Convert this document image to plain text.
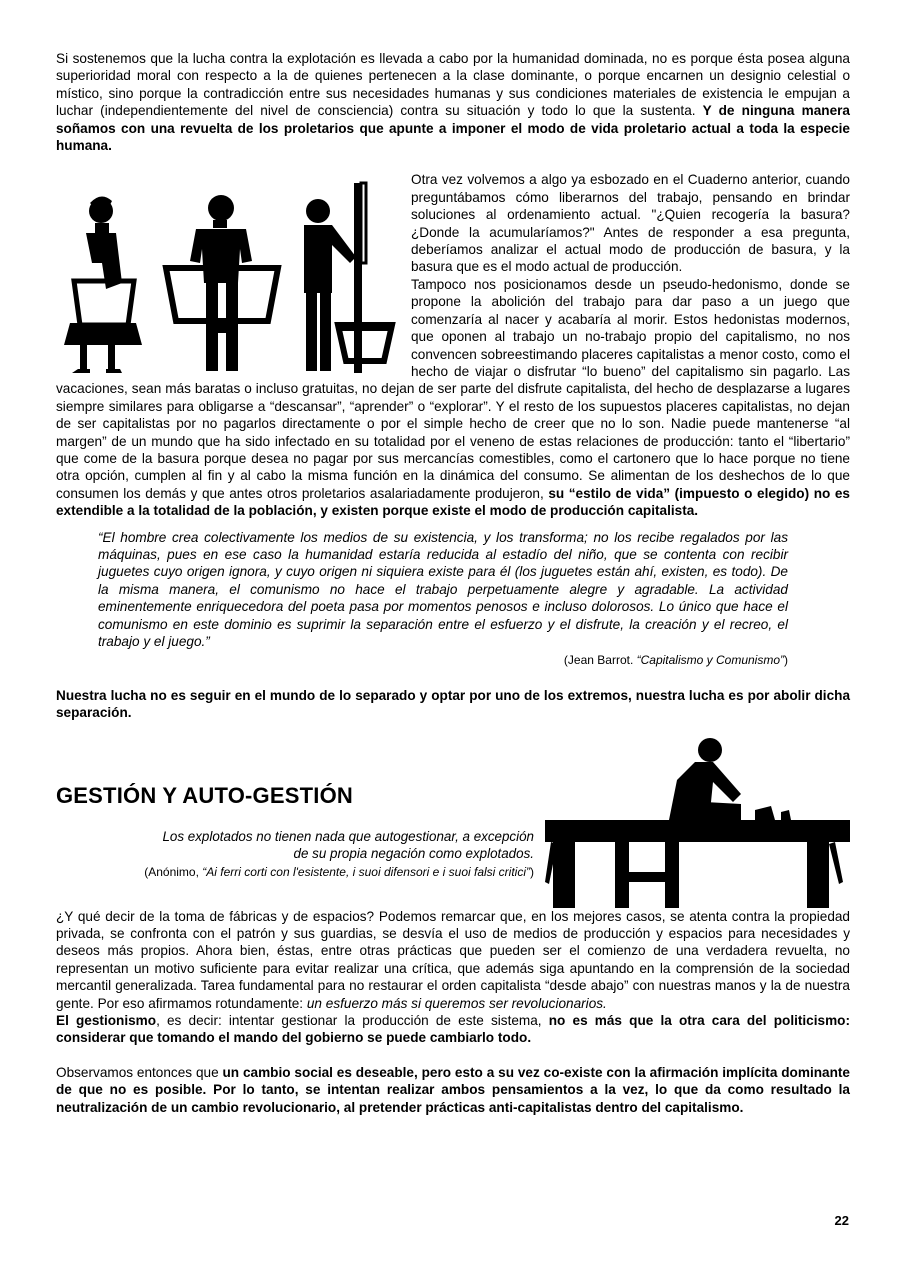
Si sostenemos que la lucha contra la explotación es llevada a cabo por la humanidad dominada, no es porque ésta posea alguna superioridad moral con respecto a la de quienes pertenecen a la clase dominante, o porque encarnen un designio celestial o místico, sino porque la contradicción entre sus necesidades humanas y sus condiciones materiales de existencia le empujan a luchar (independientemente del nivel de consciencia) contra su situación y todo lo que la sustenta. Y de ninguna manera soñamos con una revuelta de los proletarios que apunte a imponer el modo de vida proletario actual a toda la especie humana.

Otra vez volvemos a algo ya esbozado en el Cuaderno anterior, cuando preguntábamos cómo liberarnos del trabajo, pensando en brindar soluciones al ordenamiento actual. "¿Quien recogería la basura? ¿Donde la acumularíamos?" Antes de responder a esa pregunta, deberíamos analizar el actual modo de producción de basura, y la basura que es el modo actual de producción.

Tampoco nos posicionamos desde un pseudo-hedonismo, donde se propone la abolición del trabajo para dar paso a un juego que comenzaría al nacer y acabaría al morir. Estos hedonistas modernos, que oponen al trabajo un no-trabajo propio del capitalismo, no nos convencen sobreestimando placeres capitalistas a menor costo, como el hecho de viajar o disfrutar “lo bueno” del capitalismo sin pagarlo. Las vacaciones, sean más baratas o incluso gratuitas, no dejan de ser parte del disfrute capitalista, del hecho de desplazarse a lugares siempre similares para obligarse a “descansar”, “aprender” o “explorar”. Y el resto de los supuestos placeres capitalistas, no dejan de ser capitalistas por no pagarlos directamente o por el simple hecho de creer que no lo son. Nadie puede mantenerse “al margen” de un mundo que ha sido infectado en su totalidad por el veneno de estas relaciones de producción: tanto el “libertario” que come de la basura porque desea no pagar por sus mercancías comestibles, como el cartonero que lo hace porque no tiene otra opción, cumplen al fin y al cabo la misma función en la dinámica del consumo. Se alimentan de los deshechos de lo que consumen los demás y que antes otros proletarios asalariadamente produjeron, su “estilo de vida” (impuesto o elegido) no es extendible a la totalidad de la población, y existen porque existe el modo de producción capitalista.

“El hombre crea colectivamente los medios de su existencia, y los transforma; no los recibe regalados por las máquinas, pues en ese caso la humanidad estaría reducida al estadío del niño, que se contenta con recibir juguetes cuyo origen ignora, y cuyo origen ni siquiera existe para él (los juguetes están ahí, existen, es todo). De la misma manera, el comunismo no hace el trabajo perpetuamente alegre y agradable. La actividad eminentemente enriquecedora del poeta pasa por momentos penosos e incluso dolorosos. Lo único que hace el comunismo en este dominio es suprimir la separación entre el esfuerzo y el disfrute, la creación y el recreo, el trabajo y el juego.”

(Jean Barrot. “Capitalismo y Comunismo”)

Nuestra lucha no es seguir en el mundo de lo separado y optar por uno de los extremos, nuestra lucha es por abolir dicha separación.

GESTIÓN Y AUTO-GESTIÓN
Los explotados no tienen nada que autogestionar, a excepción
de su propia negación como explotados.
(Anónimo, “Ai ferri corti con l'esistente, i suoi difensori e i suoi falsi critici”)

¿Y qué decir de la toma de fábricas y de espacios? Podemos remarcar que, en los mejores casos, se atenta contra la propiedad privada, se confronta con el patrón y sus guardias, se desvía el uso de medios de producción y espacios para necesidades y deseos más propios. Ahora bien, éstas, entre otras prácticas que pueden ser el comienzo de una verdadera revuelta, no representan un motivo suficiente para evitar realizar una crítica, que además siga apuntando en la comprensión de la sociedad mercantil generalizada. Tarea fundamental para no restaurar el orden capitalista “desde abajo” con nuestras manos y la de nuestra gente. Por eso afirmamos rotundamente: un esfuerzo más si queremos ser revolucionarios.

El gestionismo, es decir: intentar gestionar la producción de este sistema, no es más que la otra cara del politicismo: considerar que tomando el mando del gobierno se puede cambiarlo todo.

Observamos entonces que un cambio social es deseable, pero esto a su vez co-existe con la afirmación implícita dominante de que no es posible. Por lo tanto, se intentan realizar ambos pensamientos a la vez, lo que da como resultado la neutralización de un cambio revolucionario, al pretender prácticas anti-capitalistas dentro del capitalismo.

22
